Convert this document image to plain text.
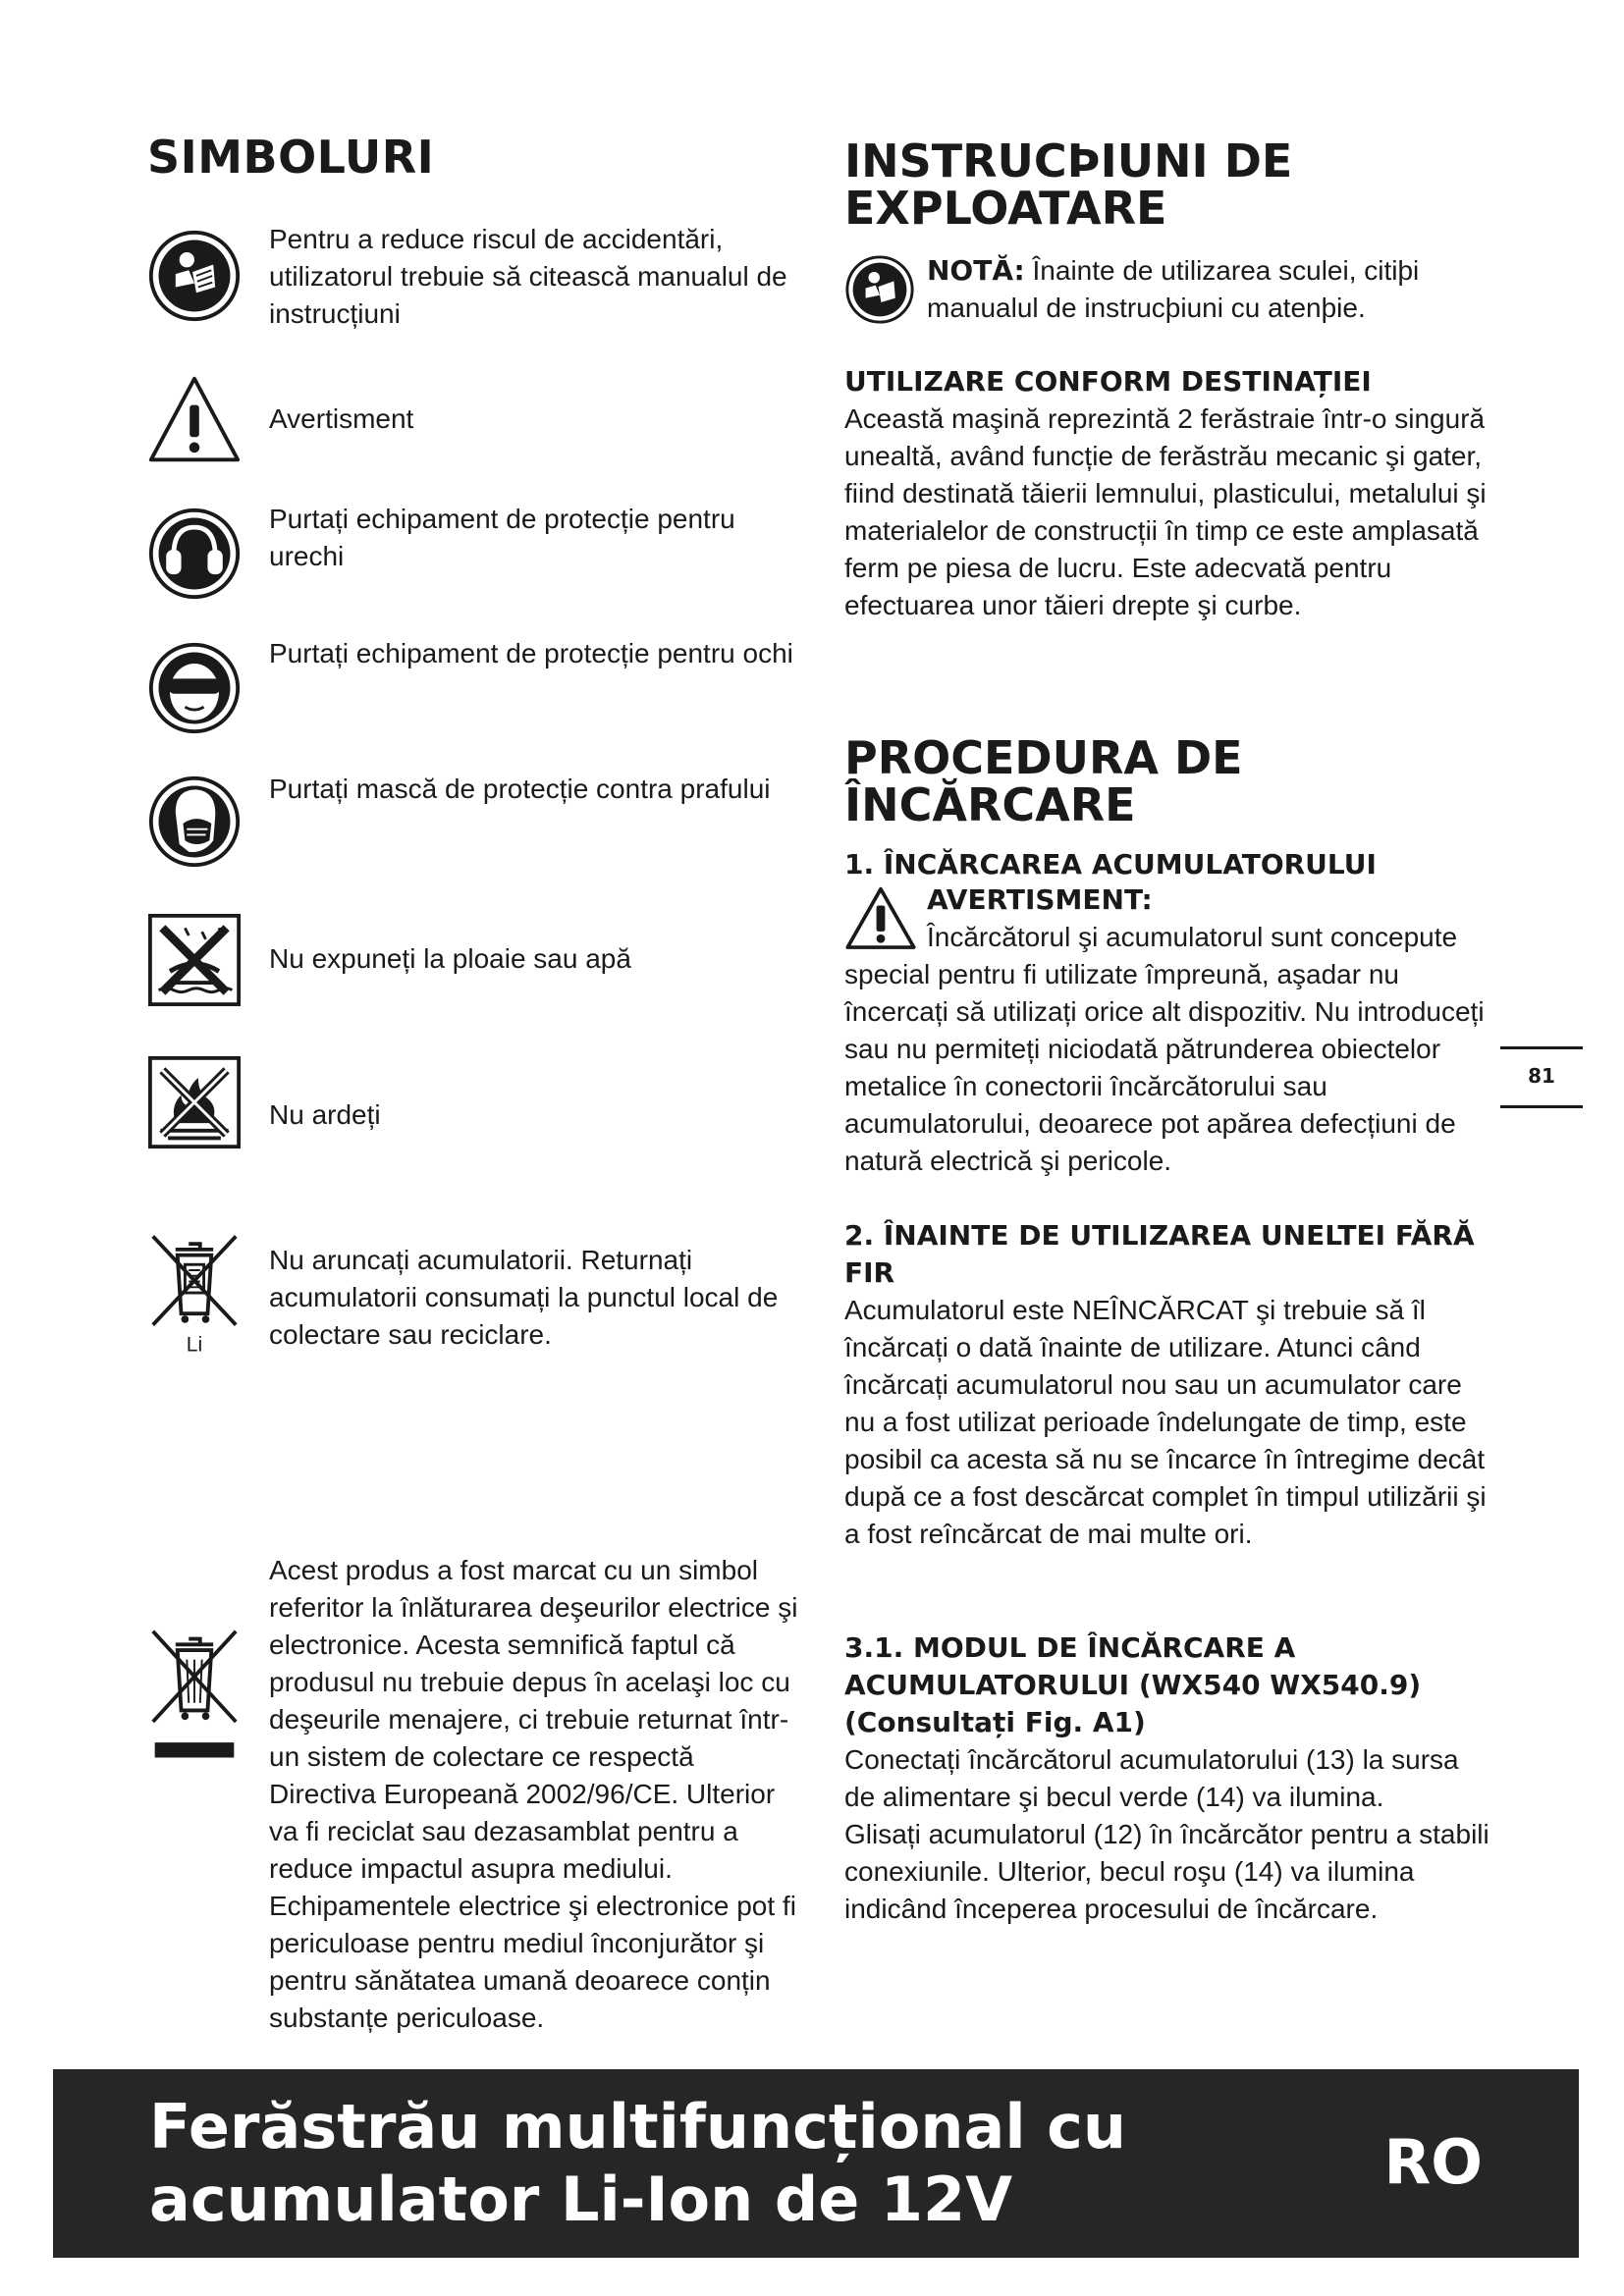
SIMBOLURI
Pentru a reduce riscul de accidentări, utilizatorul trebuie să citească manualul de instrucțiuni
Avertisment
Purtați echipament de protecție pentru urechi
Purtați echipament de protecție pentru ochi
Purtați mască de protecție contra prafului
Nu expuneți la ploaie sau apă
Nu ardeți
Li
Nu aruncați acumulatorii. Returnați acumulatorii consumați la punctul local de colectare sau reciclare.
Acest produs a fost marcat cu un simbol referitor la înlăturarea deşeurilor electrice şi electronice. Acesta semnifică faptul că produsul nu trebuie depus în acelaşi loc cu deşeurile menajere, ci trebuie returnat într-un sistem de colectare ce respectă Directiva Europeană 2002/96/CE. Ulterior va fi reciclat sau dezasamblat pentru a reduce impactul asupra mediului. Echipamentele electrice şi electronice pot fi periculoase pentru mediul înconjurător şi pentru sănătatea umană deoarece conțin substanțe periculoase.
INSTRUCÞIUNI DE
EXPLOATARE
NOTĂ: Înainte de utilizarea sculei, citiþi manualul de instrucþiuni cu atenþie.
UTILIZARE CONFORM DESTINAȚIEI

Această maşină reprezintă 2 ferăstraie într-o singură unealtă, având funcție de ferăstrău mecanic şi gater, fiind destinată tăierii lemnului, plasticului, metalului şi materialelor de construcții în timp ce este amplasată ferm pe piesa de lucru. Este adecvată pentru efectuarea unor tăieri drepte şi curbe.

PROCEDURA DE
ÎNCĂRCARE
1. ÎNCĂRCAREA ACUMULATORULUI
AVERTISMENT:

Încărcătorul şi acumulatorul sunt concepute special pentru fi utilizate împreună, aşadar nu încercați să utilizați orice alt dispozitiv. Nu introduceți sau nu permiteți niciodată pătrunderea obiectelor metalice în conectorii încărcătorului sau acumulatorului, deoarece pot apărea defecțiuni de natură electrică şi pericole.

2. ÎNAINTE DE UTILIZAREA UNELTEI FĂRĂ FIR

Acumulatorul este NEÎNCĂRCAT şi trebuie să îl încărcați o dată înainte de utilizare. Atunci când încărcați acumulatorul nou sau un acumulator care nu a fost utilizat perioade îndelungate de timp, este posibil ca acesta să nu se încarce în întregime decât după ce a fost descărcat complet în timpul utilizării şi a fost reîncărcat de mai multe ori.

3.1. MODUL DE ÎNCĂRCARE A ACUMULATORULUI (WX540 WX540.9) (Consultați Fig. A1)

Conectați încărcătorul acumulatorului (13) la sursa de alimentare şi becul verde (14) va ilumina.

Glisați acumulatorul (12) în încărcător pentru a stabili conexiunile. Ulterior, becul roşu (14) va ilumina indicând începerea procesului de încărcare.

81
Ferăstrău multifuncțional cu
acumulator Li-Ion de 12V
RO
